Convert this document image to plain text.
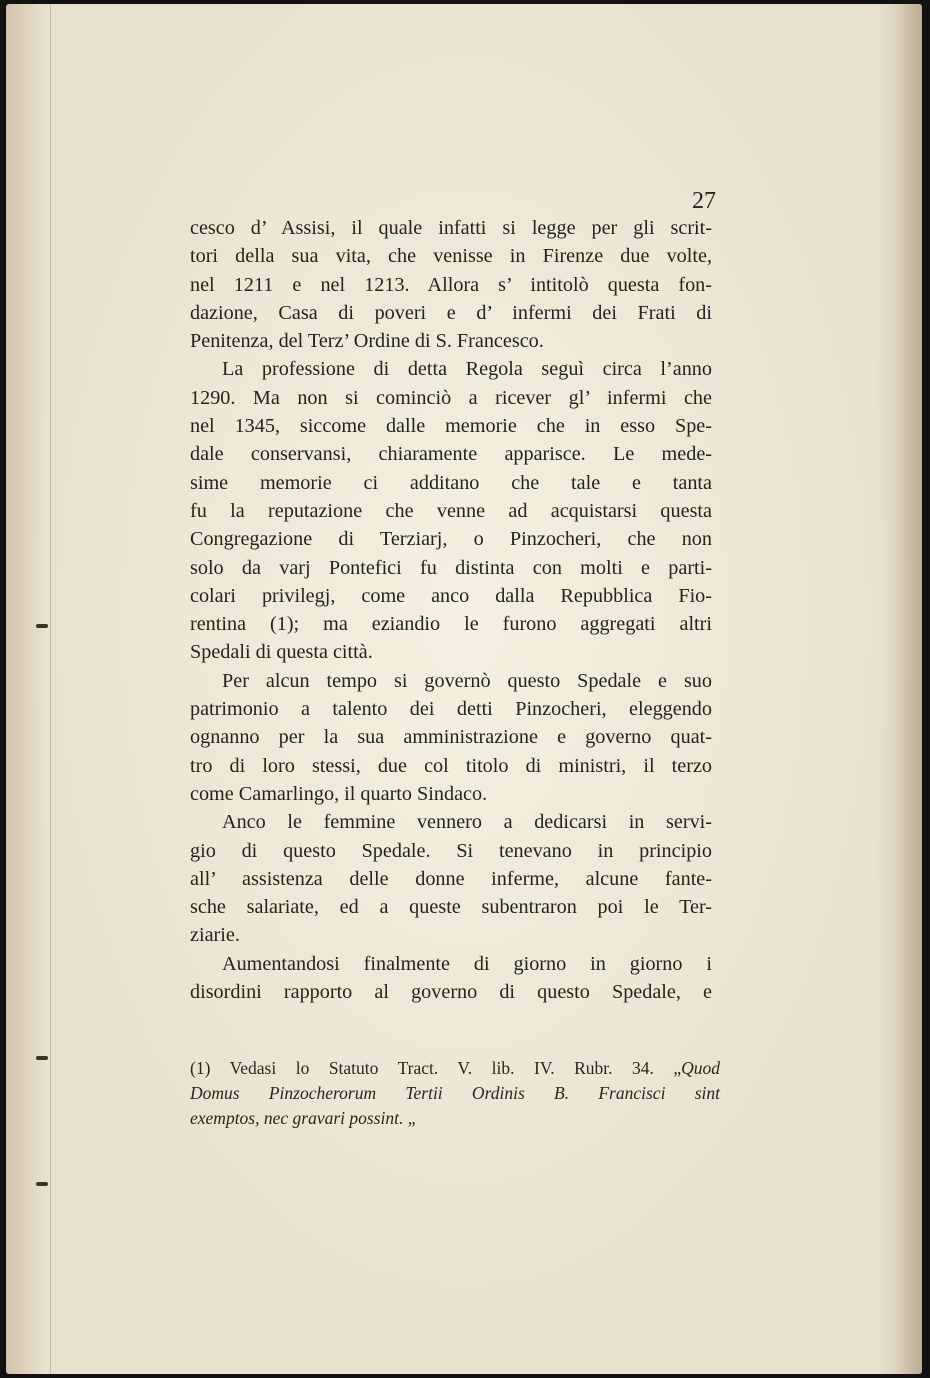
27
cesco d’ Assisi, il quale infatti si legge per gli scrit-
tori della sua vita, che venisse in Firenze due volte,
nel 1211 e nel 1213. Allora s’ intitolò questa fon-
dazione, Casa di poveri e d’ infermi dei Frati di
Penitenza, del Terz’ Ordine di S. Francesco.
La professione di detta Regola seguì circa l’anno
1290. Ma non si cominciò a ricever gl’ infermi che
nel 1345, siccome dalle memorie che in esso Spe-
dale conservansi, chiaramente apparisce. Le mede-
sime memorie ci additano che tale e tanta
fu la reputazione che venne ad acquistarsi questa
Congregazione di Terziarj, o Pinzocheri, che non
solo da varj Pontefici fu distinta con molti e parti-
colari privilegj, come anco dalla Repubblica Fio-
rentina (1); ma eziandio le furono aggregati altri
Spedali di questa città.
Per alcun tempo si governò questo Spedale e suo
patrimonio a talento dei detti Pinzocheri, eleggendo
ognanno per la sua amministrazione e governo quat-
tro di loro stessi, due col titolo di ministri, il terzo
come Camarlingo, il quarto Sindaco.
Anco le femmine vennero a dedicarsi in servi-
gio di questo Spedale. Si tenevano in principio
all’ assistenza delle donne inferme, alcune fante-
sche salariate, ed a queste subentraron poi le Ter-
ziarie.
Aumentandosi finalmente di giorno in giorno i
disordini rapporto al governo di questo Spedale, e
(1) Vedasi lo Statuto Tract. V. lib. IV. Rubr. 34. „Quod
Domus Pinzocherorum Tertii Ordinis B. Francisci sint
exemptos, nec gravari possint. „
